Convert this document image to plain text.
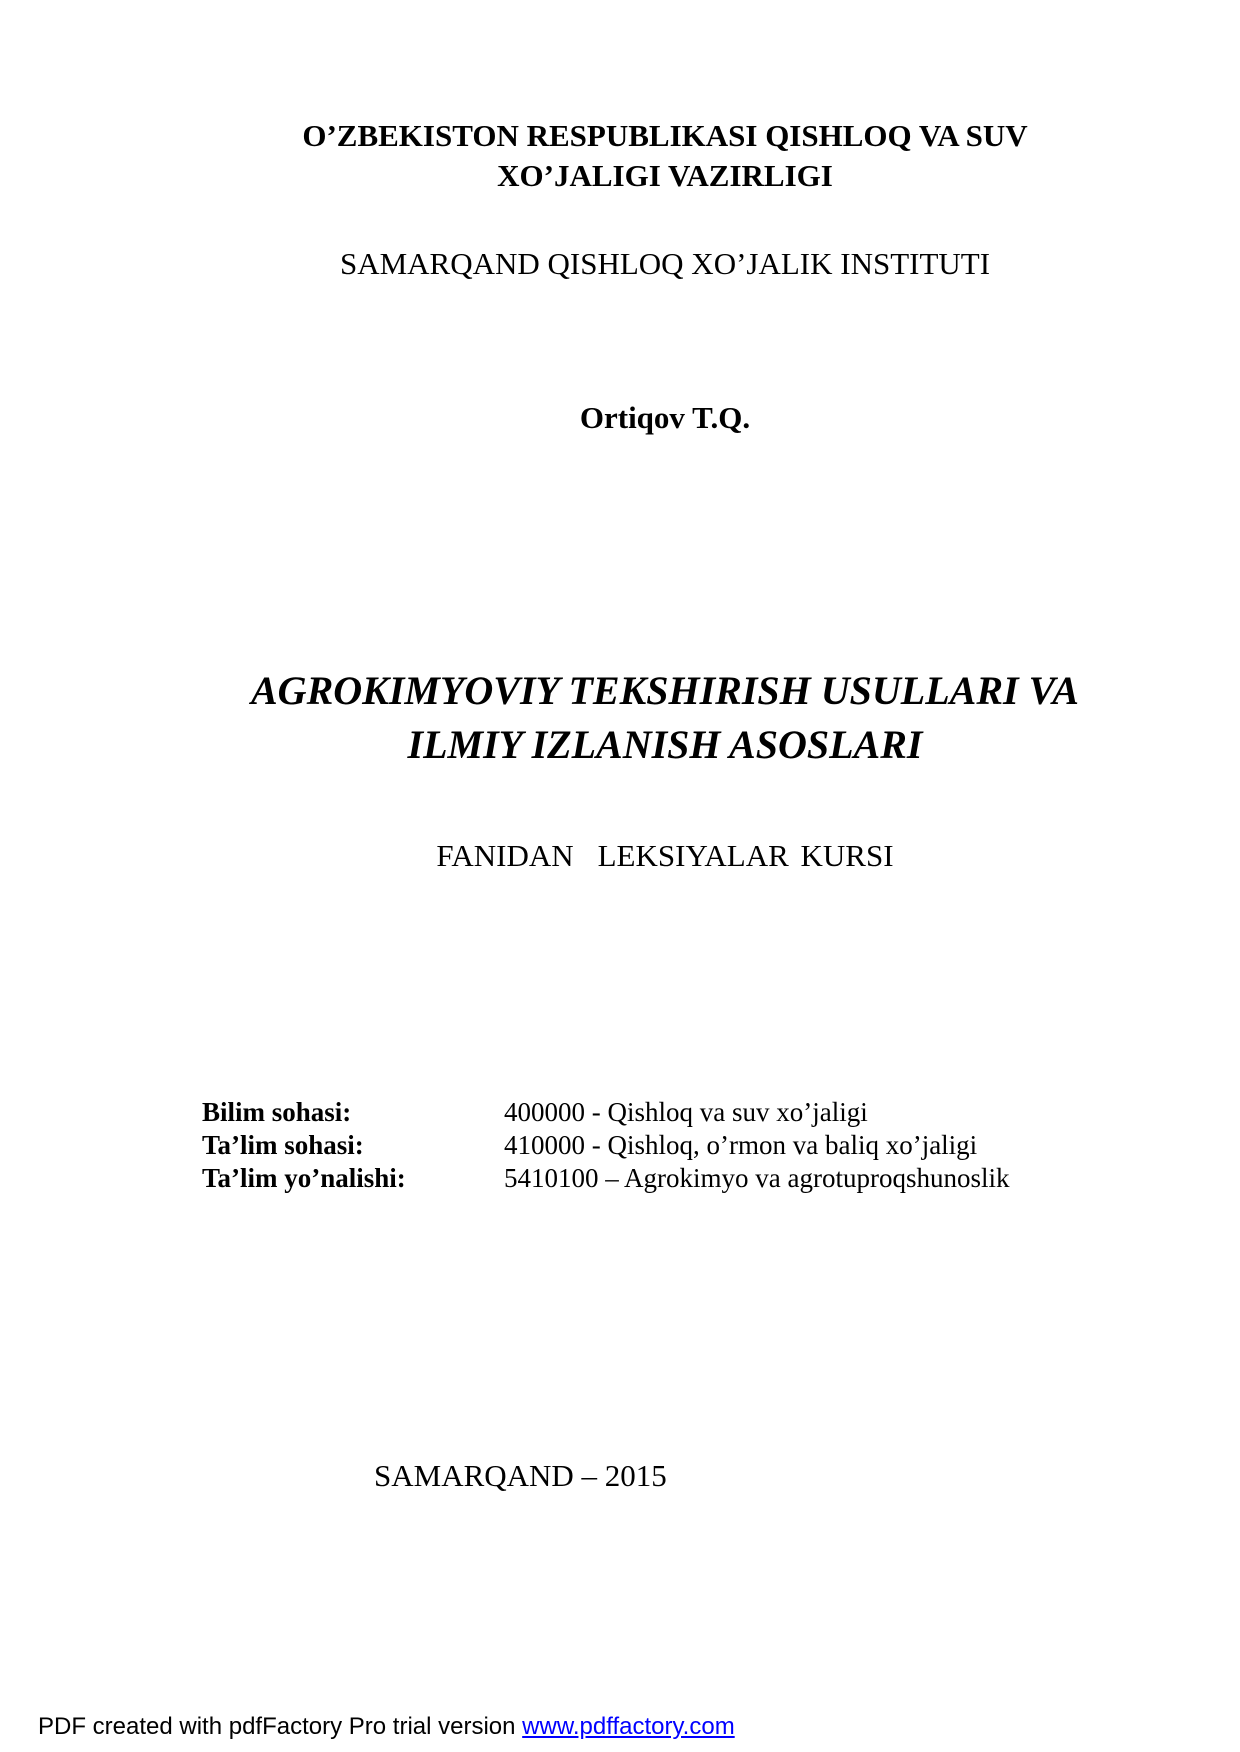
O’ZBEKISTON RESPUBLIKASI QISHLOQ VA SUV
XO’JALIGI VAZIRLIGI
SAMARQAND QISHLOQ XO’JALIK INSTITUTI
Ortiqov T.Q.
AGROKIMYOVIY TEKSHIRISH USULLARI VA
ILMIY IZLANISH ASOSLARI
FANIDAN LEKSIYALAR KURSI
Bilim sohasi:	400000 - Qishloq va suv xo’jaligi
Ta’lim sohasi:	410000 - Qishloq, o’rmon va baliq xo’jaligi
Ta’lim yo’nalishi:	5410100 – Agrokimyo va agrotuproqshunoslik
SAMARQAND – 2015
PDF created with pdfFactory Pro trial version www.pdffactory.com
